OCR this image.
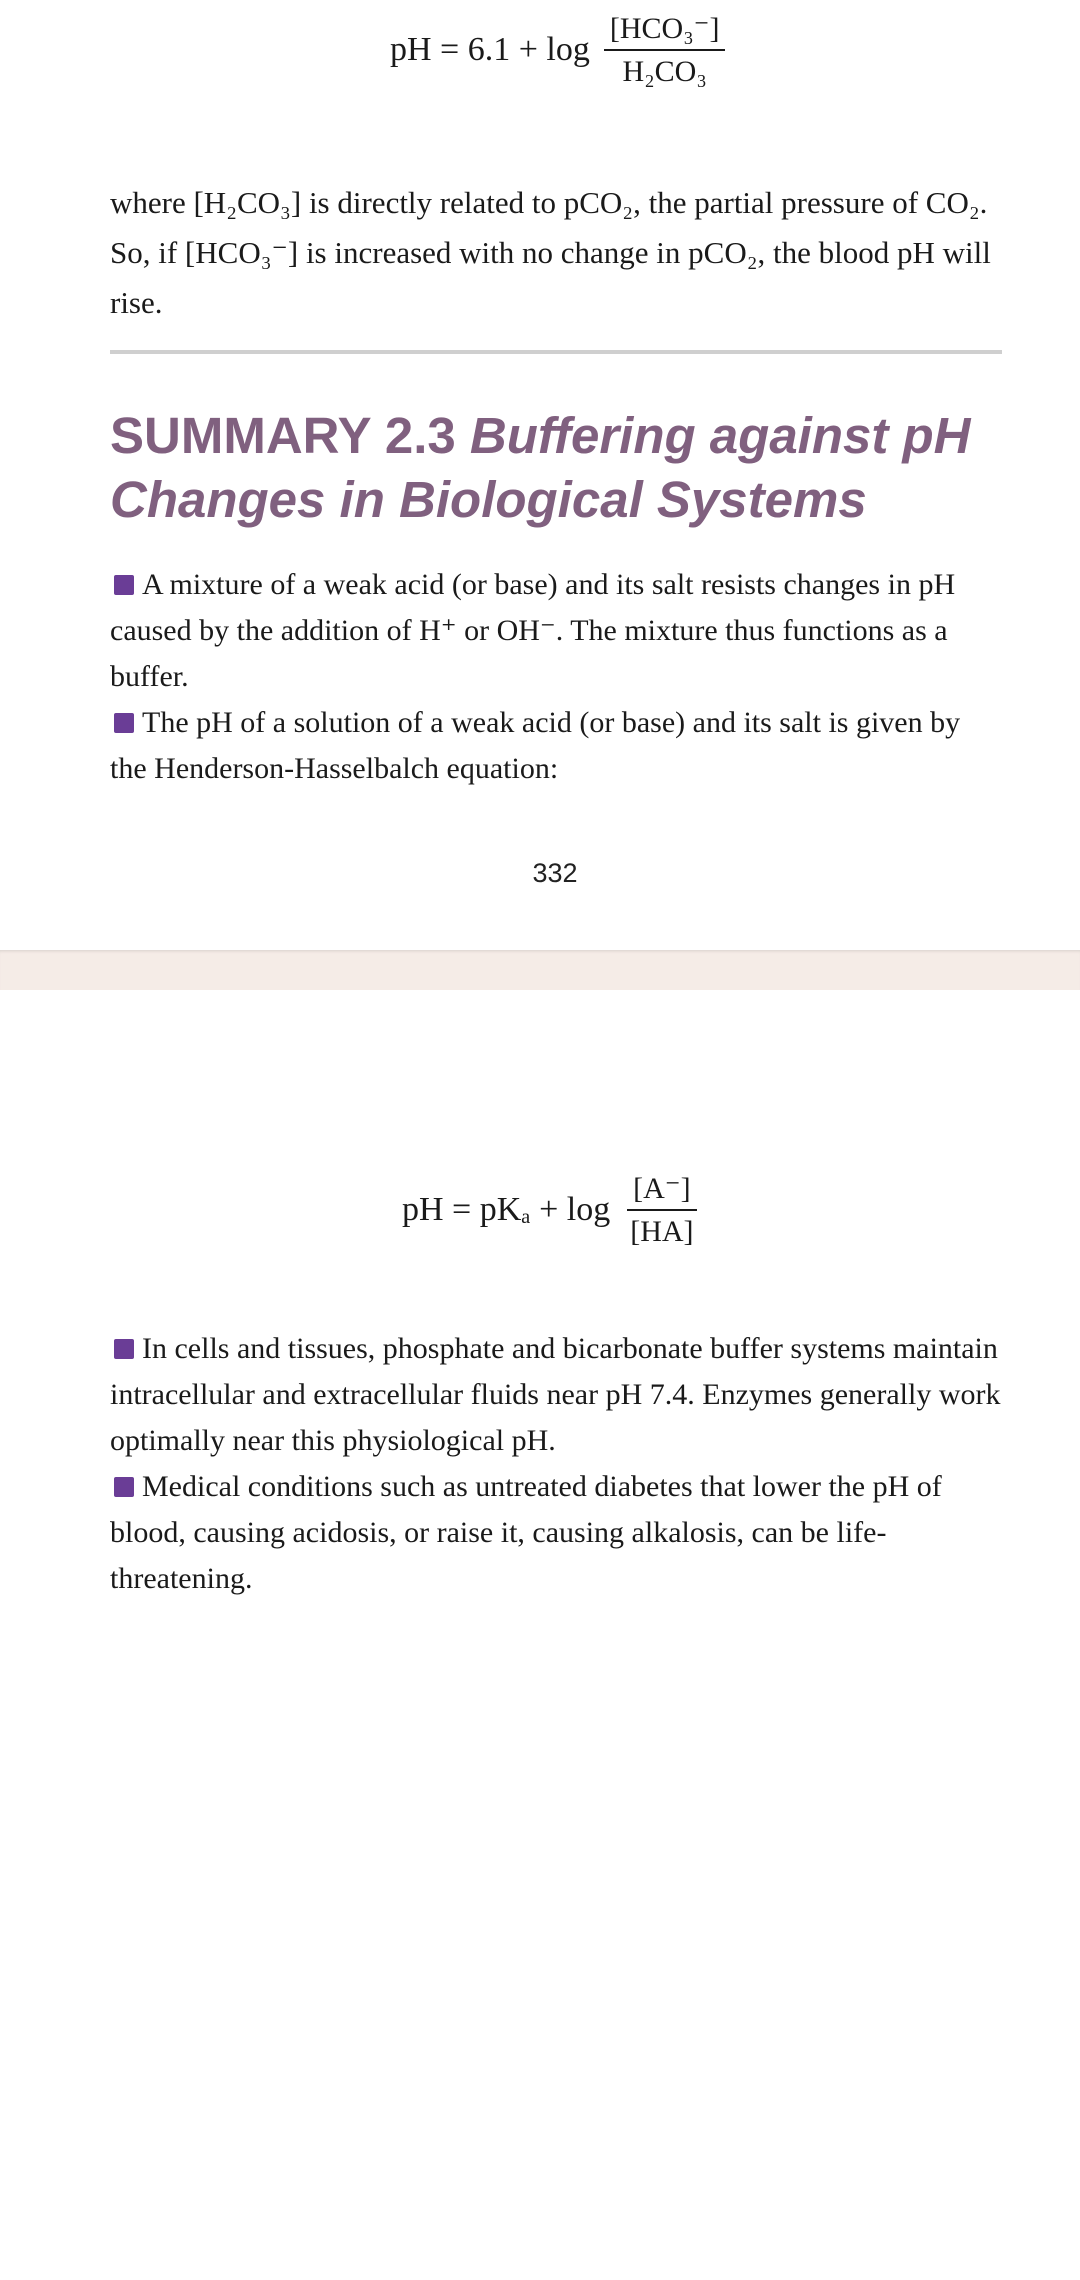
pH = $6.1 + \log \frac{\text{[HCO₃⁻]}}{\text{H₂CO₃}}$
where [H₂CO₃] is directly related to pCO₂, the partial pressure of CO₂. So, if [HCO₃⁻] is increased with no change in pCO₂, the blood pH will rise.
SUMMARY 2.3 Buffering against pH Changes in Biological Systems
A mixture of a weak acid (or base) and its salt resists changes in pH caused by the addition of H⁺ or OH⁻. The mixture thus functions as a buffer.
The pH of a solution of a weak acid (or base) and its salt is given by the Henderson-Hasselbalch equation:
332
pH = $pK_a + \log \frac{[A^-]}{[HA]}$
In cells and tissues, phosphate and bicarbonate buffer systems maintain intracellular and extracellular fluids near pH 7.4. Enzymes generally work optimally near this physiological pH.
Medical conditions such as untreated diabetes that lower the pH of blood, causing acidosis, or raise it, causing alkalosis, can be life-threatening.
